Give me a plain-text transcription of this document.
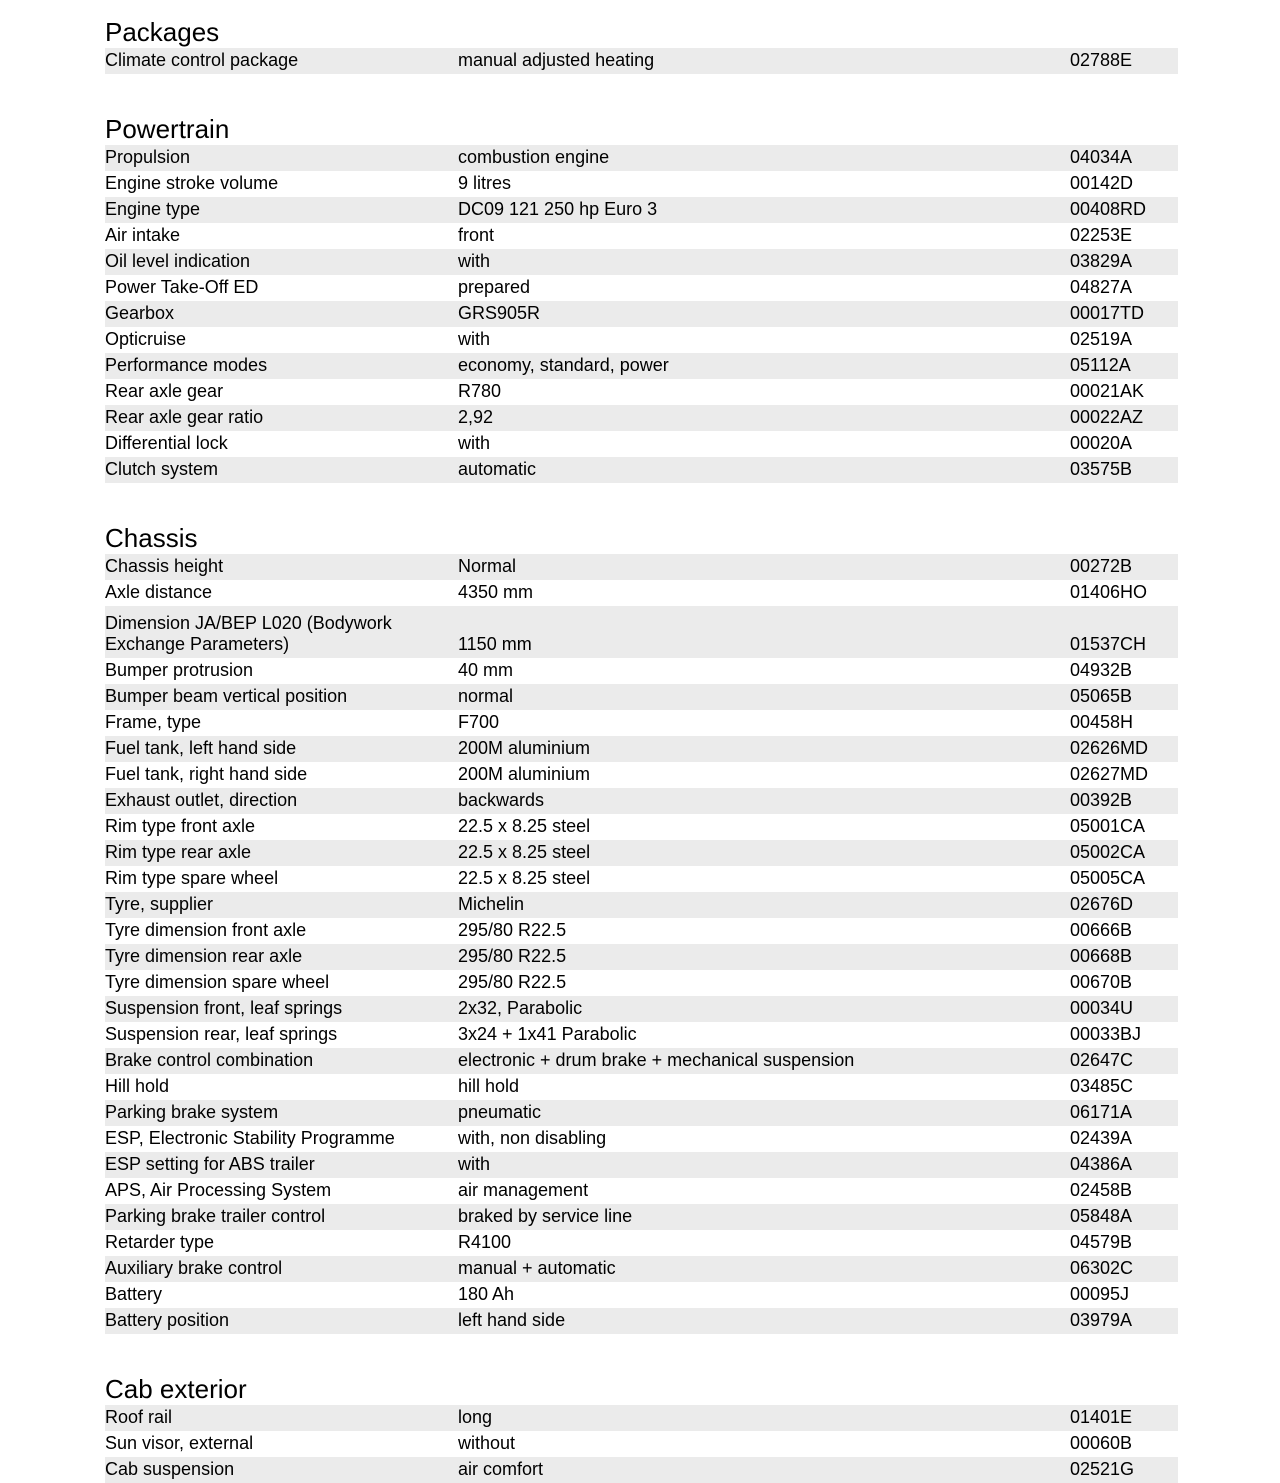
Packages
Climate control package	manual adjusted heating	02788E
Powertrain
Propulsion	combustion engine	04034A
Engine stroke volume	9 litres	00142D
Engine type	DC09 121 250 hp Euro 3	00408RD
Air intake	front	02253E
Oil level indication	with	03829A
Power Take-Off ED	prepared	04827A
Gearbox	GRS905R	00017TD
Opticruise	with	02519A
Performance modes	economy, standard, power	05112A
Rear axle gear	R780	00021AK
Rear axle gear ratio	2,92	00022AZ
Differential lock	with	00020A
Clutch system	automatic	03575B
Chassis
Chassis height	Normal	00272B
Axle distance	4350 mm	01406HO
Dimension JA/BEP L020 (Bodywork Exchange Parameters)	1150 mm	01537CH
Bumper protrusion	40 mm	04932B
Bumper beam vertical position	normal	05065B
Frame, type	F700	00458H
Fuel tank, left hand side	200M aluminium	02626MD
Fuel tank, right hand side	200M aluminium	02627MD
Exhaust outlet, direction	backwards	00392B
Rim type front axle	22.5 x 8.25 steel	05001CA
Rim type rear axle	22.5 x 8.25 steel	05002CA
Rim type spare wheel	22.5 x 8.25 steel	05005CA
Tyre, supplier	Michelin	02676D
Tyre dimension front axle	295/80 R22.5	00666B
Tyre dimension rear axle	295/80 R22.5	00668B
Tyre dimension spare wheel	295/80 R22.5	00670B
Suspension front, leaf springs	2x32, Parabolic	00034U
Suspension rear, leaf springs	3x24 + 1x41 Parabolic	00033BJ
Brake control combination	electronic + drum brake + mechanical suspension	02647C
Hill hold	hill hold	03485C
Parking brake system	pneumatic	06171A
ESP, Electronic Stability Programme	with, non disabling	02439A
ESP setting for ABS trailer	with	04386A
APS, Air Processing System	air management	02458B
Parking brake trailer control	braked by service line	05848A
Retarder type	R4100	04579B
Auxiliary brake control	manual + automatic	06302C
Battery	180 Ah	00095J
Battery position	left hand side	03979A
Cab exterior
Roof rail	long	01401E
Sun visor, external	without	00060B
Cab suspension	air comfort	02521G
